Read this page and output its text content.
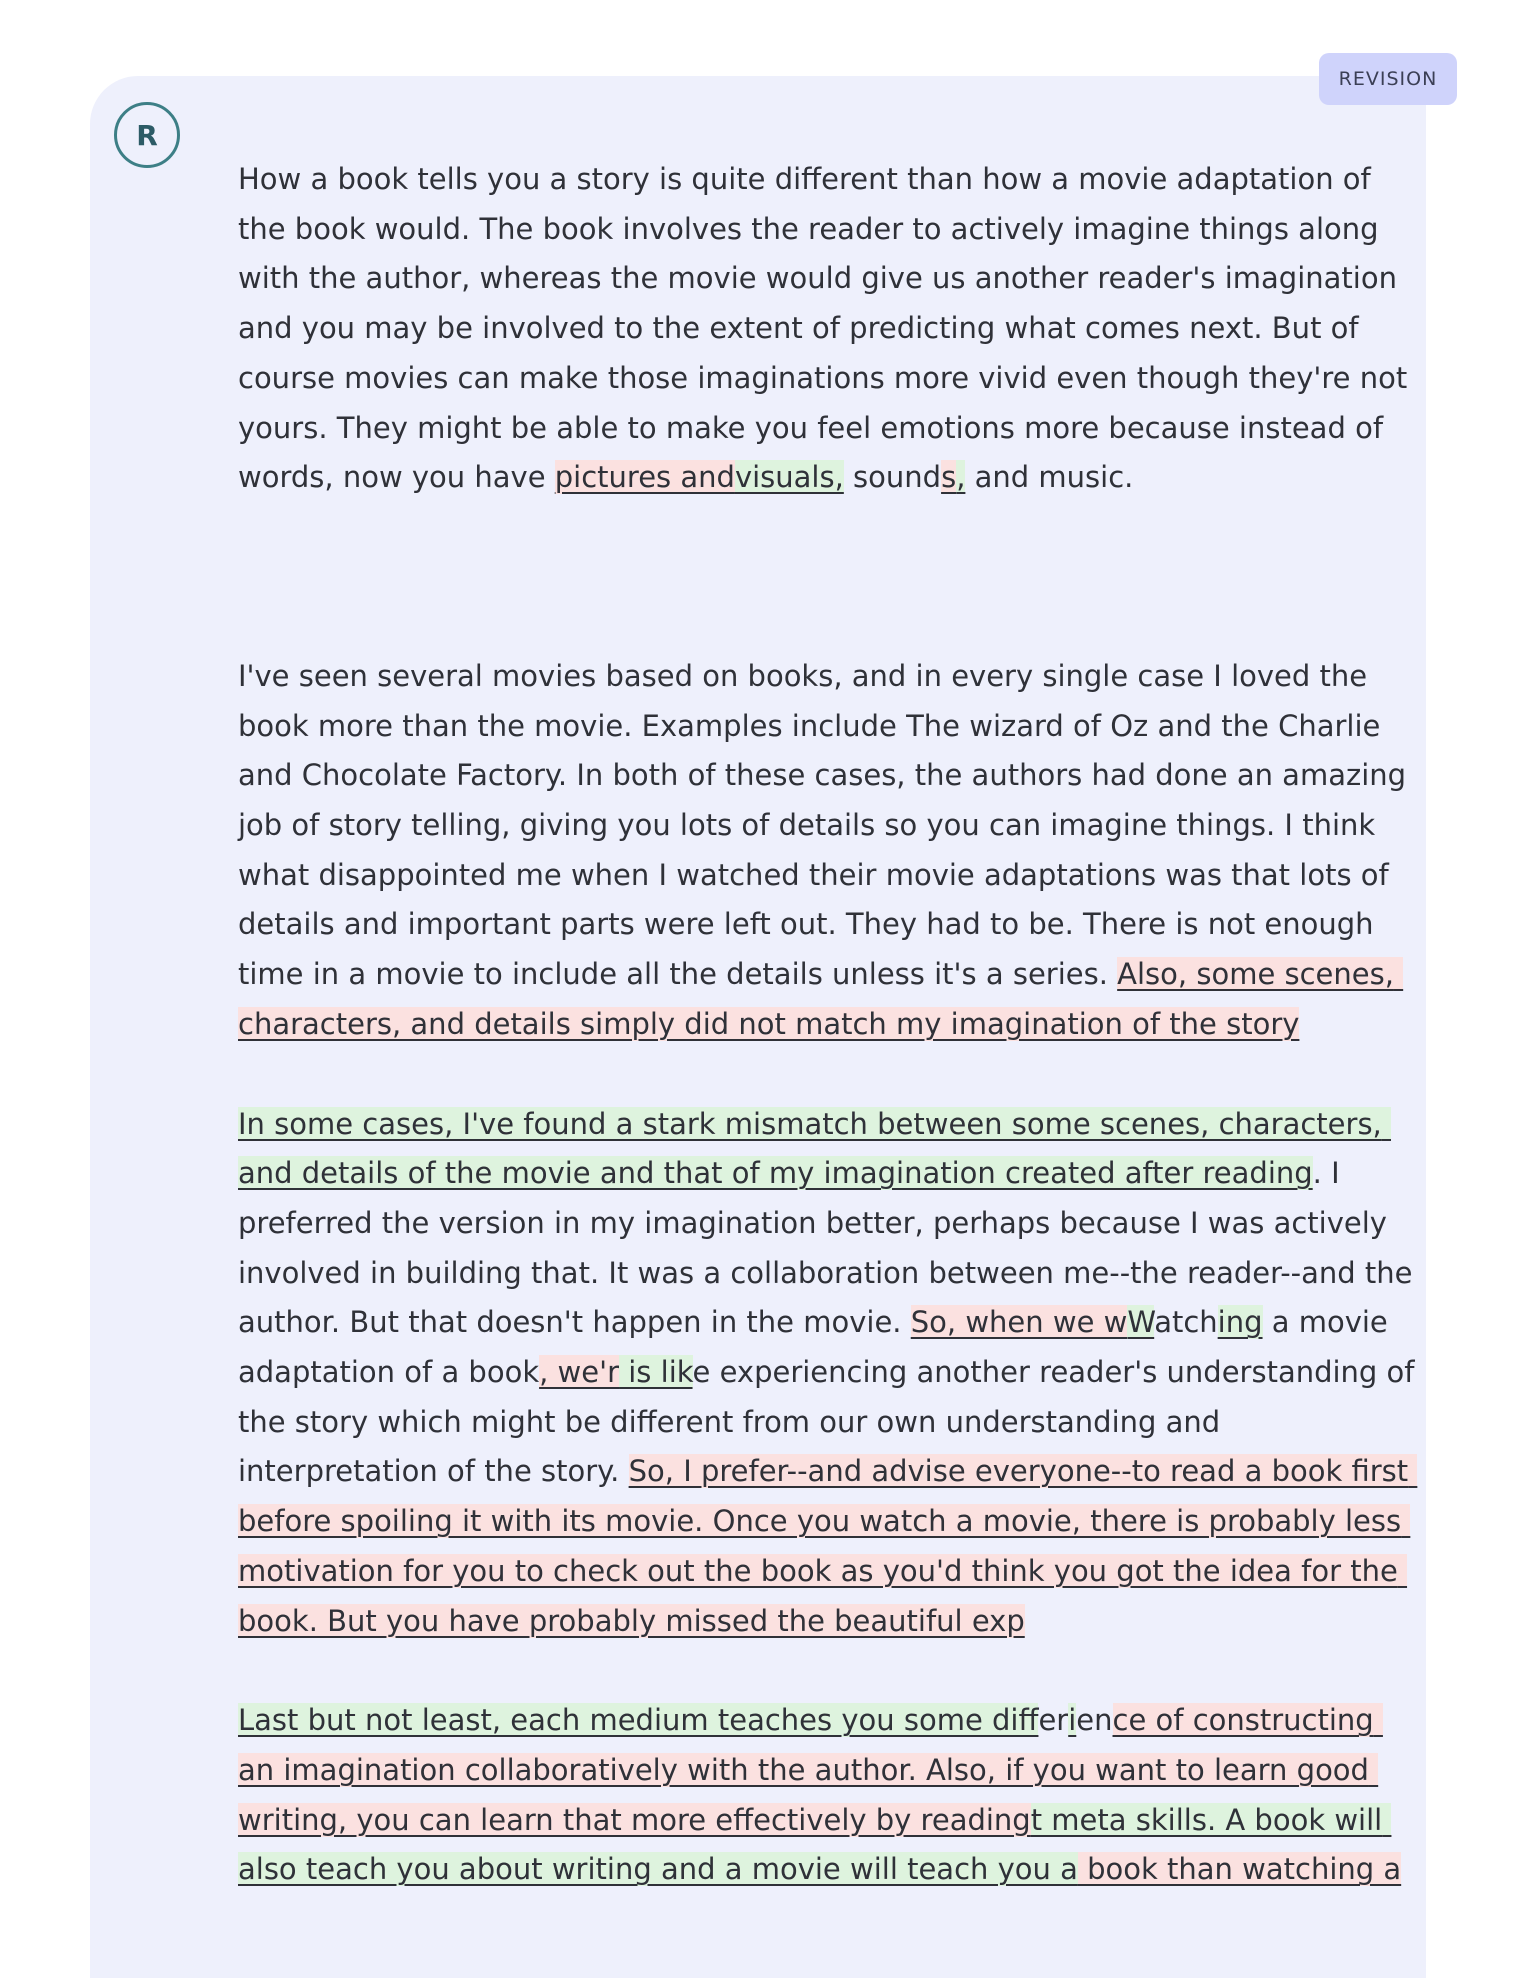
REVISION
R

How a book tells you a story is quite different than how a movie adaptation of the book would. The book involves the reader to actively imagine things along with the author, whereas the movie would give us another reader's imagination and you may be involved to the extent of predicting what comes next. But of course movies can make those imaginations more vivid even though they're not yours. They might be able to make you feel emotions more because instead of words, now you have pictures andvisuals, sounds, and music.

I've seen several movies based on books, and in every single case I loved the book more than the movie. Examples include The wizard of Oz and the Charlie and Chocolate Factory. In both of these cases, the authors had done an amazing job of story telling, giving you lots of details so you can imagine things. I think what disappointed me when I watched their movie adaptations was that lots of details and important parts were left out. They had to be. There is not enough time in a movie to include all the details unless it's a series. Also, some scenes, characters, and details simply did not match my imagination of the story

In some cases, I've found a stark mismatch between some scenes, characters, and details of the movie and that of my imagination created after reading. I preferred the version in my imagination better, perhaps because I was actively involved in building that. It was a collaboration between me--the reader--and the author. But that doesn't happen in the movie. So, when we wWatching a movie adaptation of a book, we'r is like experiencing another reader's understanding of the story which might be different from our own understanding and interpretation of the story. So, I prefer--and advise everyone--to read a book first before spoiling it with its movie. Once you watch a movie, there is probably less motivation for you to check out the book as you'd think you got the idea for the book. But you have probably missed the beautiful exp

Last but not least, each medium teaches you some differience of constructing an imagination collaboratively with the author. Also, if you want to learn good writing, you can learn that more effectively by readingt meta skills. A book will also teach you about writing and a movie will teach you a book than watching a
